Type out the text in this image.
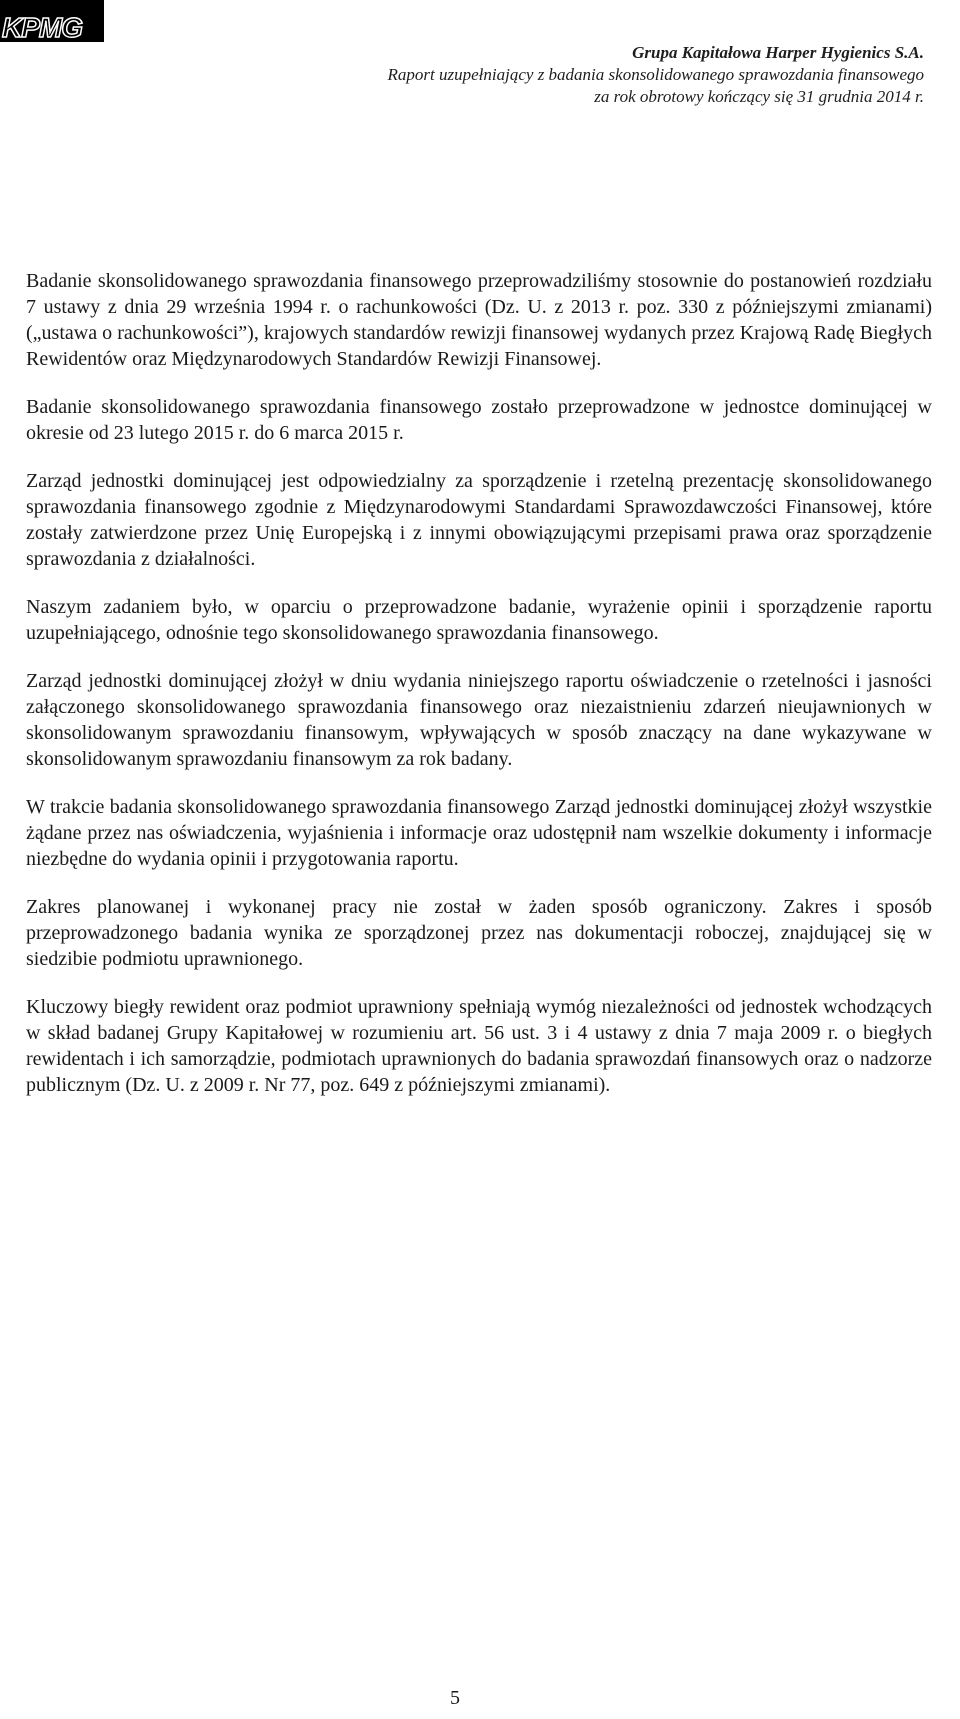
KPMG
Grupa Kapitałowa Harper Hygienics S.A.
Raport uzupełniający z badania skonsolidowanego sprawozdania finansowego
za rok obrotowy kończący się 31 grudnia 2014 r.

Badanie skonsolidowanego sprawozdania finansowego przeprowadziliśmy stosownie do postanowień rozdziału 7 ustawy z dnia 29 września 1994 r. o rachunkowości (Dz. U. z 2013 r. poz. 330 z późniejszymi zmianami) („ustawa o rachunkowości”), krajowych standardów rewizji finansowej wydanych przez Krajową Radę Biegłych Rewidentów oraz Międzynarodowych Standardów Rewizji Finansowej.

Badanie skonsolidowanego sprawozdania finansowego zostało przeprowadzone w jednostce dominującej w okresie od 23 lutego 2015 r. do 6 marca 2015 r.

Zarząd jednostki dominującej jest odpowiedzialny za sporządzenie i rzetelną prezentację skonsolidowanego sprawozdania finansowego zgodnie z Międzynarodowymi Standardami Sprawozdawczości Finansowej, które zostały zatwierdzone przez Unię Europejską i z innymi obowiązującymi przepisami prawa oraz sporządzenie sprawozdania z działalności.

Naszym zadaniem było, w oparciu o przeprowadzone badanie, wyrażenie opinii i sporządzenie raportu uzupełniającego, odnośnie tego skonsolidowanego sprawozdania finansowego.

Zarząd jednostki dominującej złożył w dniu wydania niniejszego raportu oświadczenie o rzetelności i jasności załączonego skonsolidowanego sprawozdania finansowego oraz niezaistnieniu zdarzeń nieujawnionych w skonsolidowanym sprawozdaniu finansowym, wpływających w sposób znaczący na dane wykazywane w skonsolidowanym sprawozdaniu finansowym za rok badany.

W trakcie badania skonsolidowanego sprawozdania finansowego Zarząd jednostki dominującej złożył wszystkie żądane przez nas oświadczenia, wyjaśnienia i informacje oraz udostępnił nam wszelkie dokumenty i informacje niezbędne do wydania opinii i przygotowania raportu.

Zakres planowanej i wykonanej pracy nie został w żaden sposób ograniczony. Zakres i sposób przeprowadzonego badania wynika ze sporządzonej przez nas dokumentacji roboczej, znajdującej się w siedzibie podmiotu uprawnionego.

Kluczowy biegły rewident oraz podmiot uprawniony spełniają wymóg niezależności od jednostek wchodzących w skład badanej Grupy Kapitałowej w rozumieniu art. 56 ust. 3 i 4 ustawy z dnia 7 maja 2009 r. o biegłych rewidentach i ich samorządzie, podmiotach uprawnionych do badania sprawozdań finansowych oraz o nadzorze publicznym (Dz. U. z 2009 r. Nr 77, poz. 649 z późniejszymi zmianami).

5
